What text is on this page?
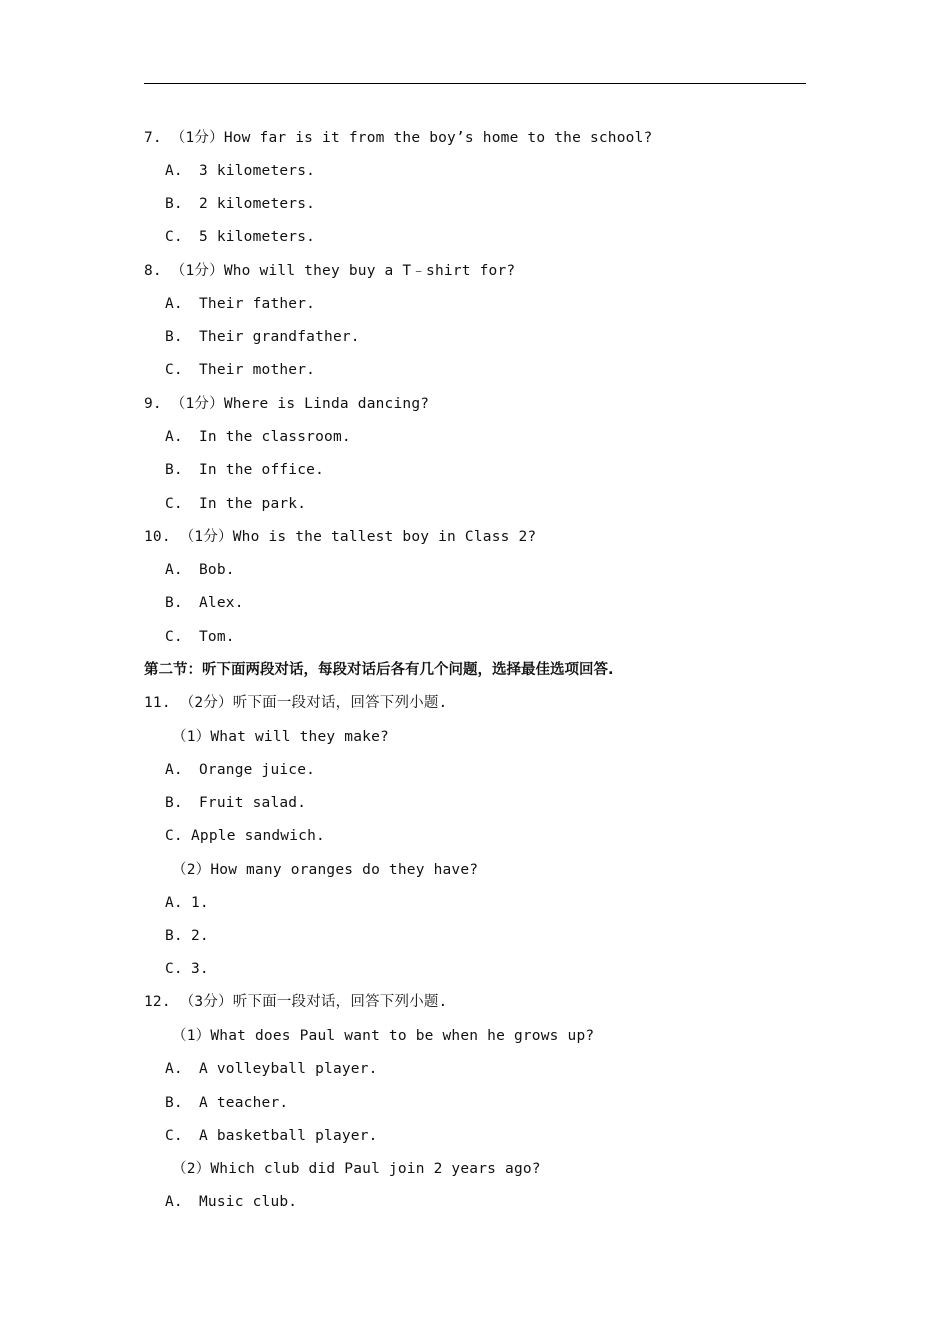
7. （1分）How far is it from the boy’s home to the school?
A. 3 kilometers.
B. 2 kilometers.
C. 5 kilometers.
8. （1分）Who will they buy a T﹣shirt for?
A. Their father.
B. Their grandfather.
C. Their mother.
9. （1分）Where is Linda dancing?
A. In the classroom.
B. In the office.
C. In the park.
10. （1分）Who is the tallest boy in Class 2?
A. Bob.
B. Alex.
C. Tom.
第二节：听下面两段对话，每段对话后各有几个问题，选择最佳选项回答.
11. （2分）听下面一段对话，回答下列小题.
（1）What will they make?
A. Orange juice.
B. Fruit salad.
C. Apple sandwich.
（2）How many oranges do they have?
A. 1.
B. 2.
C. 3.
12. （3分）听下面一段对话，回答下列小题.
（1）What does Paul want to be when he grows up?
A. A volleyball player.
B. A teacher.
C. A basketball player.
（2）Which club did Paul join 2 years ago?
A. Music club.
